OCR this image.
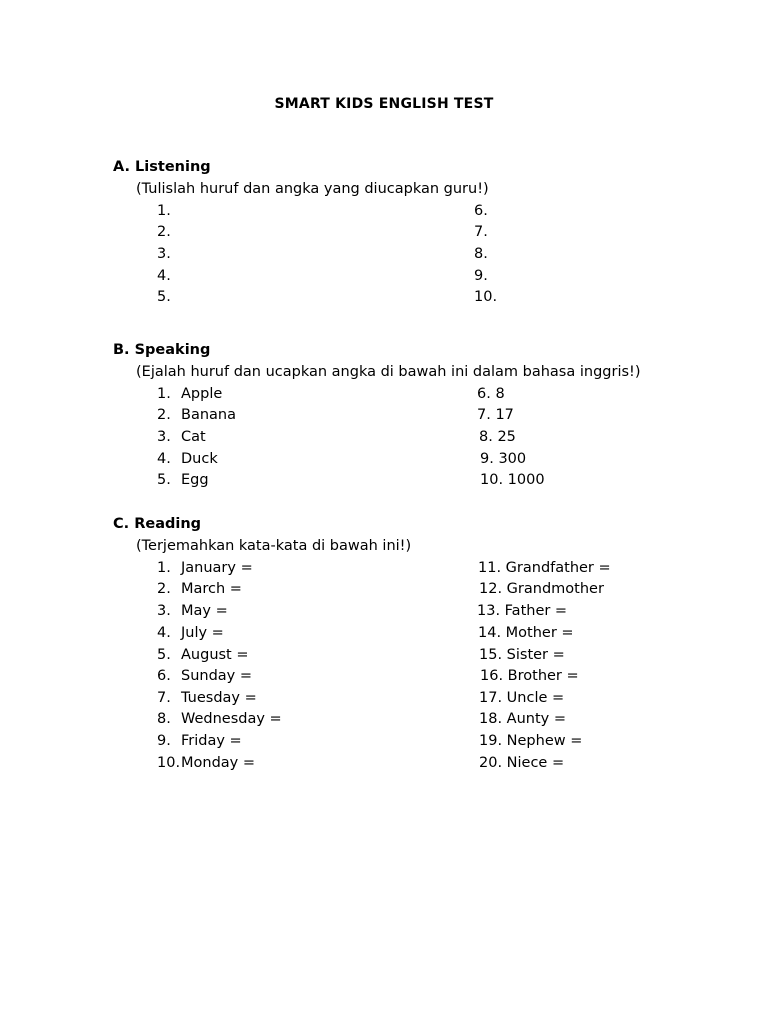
SMART KIDS ENGLISH TEST
A. Listening
(Tulislah huruf dan angka yang diucapkan guru!)
1.
2.
3.
4.
5.
6.
7.
8.
9.
10.
B. Speaking
(Ejalah huruf dan ucapkan angka di bawah ini dalam bahasa inggris!)
1. Apple
2. Banana
3. Cat
4. Duck
5. Egg
6. 8
7. 17
8. 25
9. 300
10. 1000
C. Reading
(Terjemahkan kata-kata di bawah ini!)
1. January =
2. March =
3. May =
4. July =
5. August =
6. Sunday =
7. Tuesday =
8. Wednesday =
9. Friday =
10. Monday =
11. Grandfather =
12. Grandmother
13. Father =
14. Mother =
15. Sister =
16. Brother =
17. Uncle =
18. Aunty =
19. Nephew =
20. Niece =
